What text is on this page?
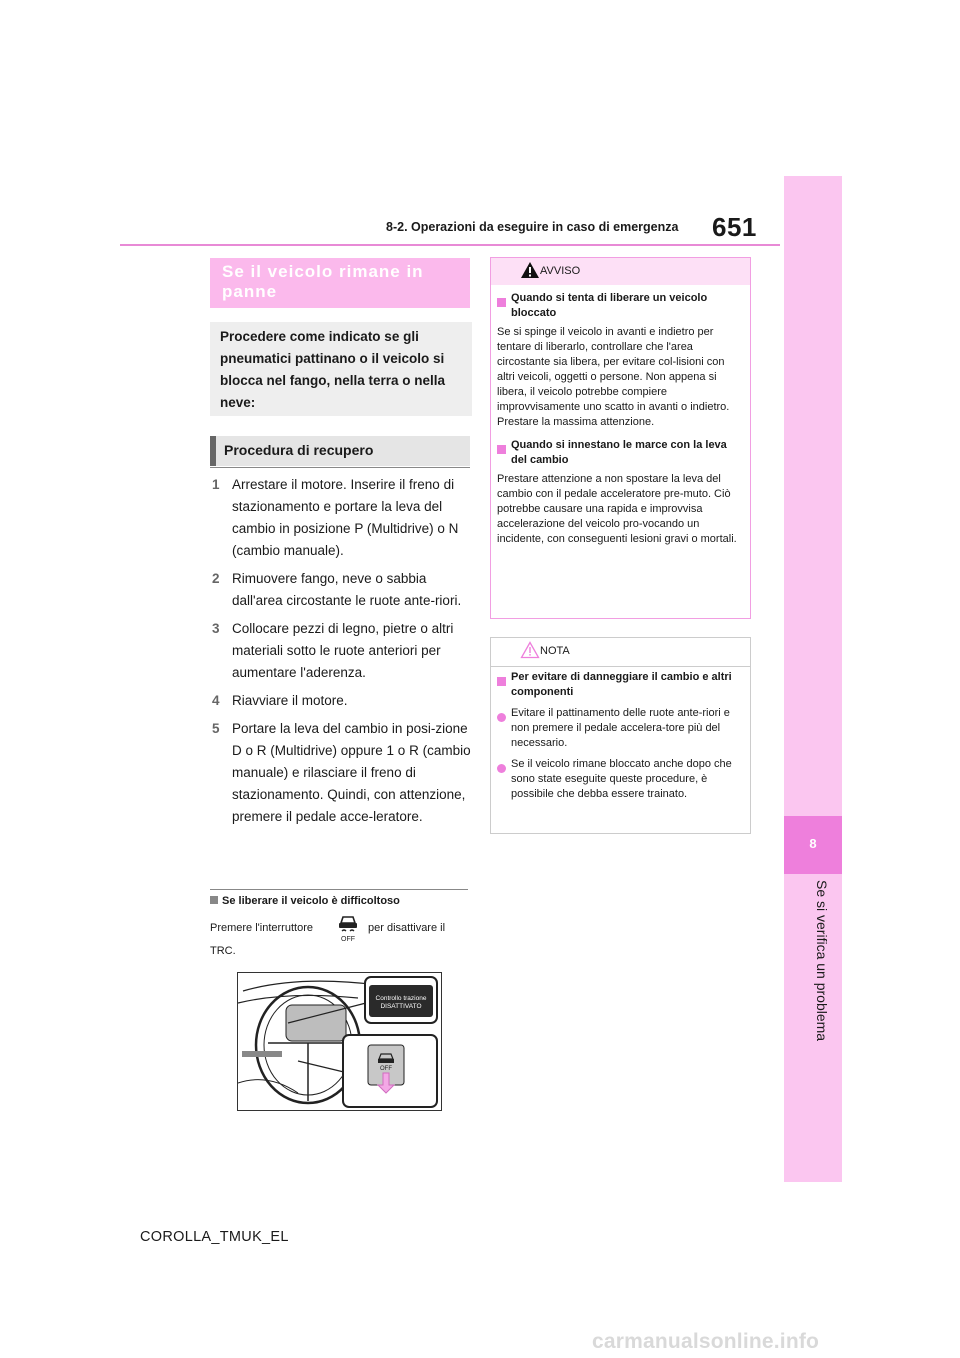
8-2. Operazioni da eseguire in caso di emergenza 651
8
Se si verifica un problema
Se il veicolo rimane in panne
Procedere come indicato se gli pneumatici pattinano o il veicolo si blocca nel fango, nella terra o nella neve:
Procedura di recupero
1 Arrestare il motore. Inserire il freno di stazionamento e portare la leva del cambio in posizione P (Multidrive) o N (cambio manuale).
2 Rimuovere fango, neve o sabbia dall'area circostante le ruote ante-riori.
3 Collocare pezzi di legno, pietre o altri materiali sotto le ruote anteriori per aumentare l'aderenza.
4 Riavviare il motore.
5 Portare la leva del cambio in posi-zione D o R (Multidrive) oppure 1 o R (cambio manuale) e rilasciare il freno di stazionamento. Quindi, con attenzione, premere il pedale acce-leratore.
Se liberare il veicolo è difficoltoso
Premere l'interruttore
OFF
per disattivare il
TRC.
Controllo trazione
DISATTIVATO
OFF
AVVISO
Quando si tenta di liberare un veicolo bloccato
Se si spinge il veicolo in avanti e indietro per tentare di liberarlo, controllare che l'area circostante sia libera, per evitare col-lisioni con altri veicoli, oggetti o persone. Non appena si libera, il veicolo potrebbe compiere improvvisamente uno scatto in avanti o indietro. Prestare la massima attenzione.
Quando si innestano le marce con la leva del cambio
Prestare attenzione a non spostare la leva del cambio con il pedale acceleratore pre-muto. Ciò potrebbe causare una rapida e improvvisa accelerazione del veicolo pro-vocando un incidente, con conseguenti lesioni gravi o mortali.
NOTA
Per evitare di danneggiare il cambio e altri componenti
Evitare il pattinamento delle ruote ante-riori e non premere il pedale accelera-tore più del necessario.
Se il veicolo rimane bloccato anche dopo che sono state eseguite queste procedure, è possibile che debba essere trainato.
COROLLA_TMUK_EL
carmanualsonline.info
